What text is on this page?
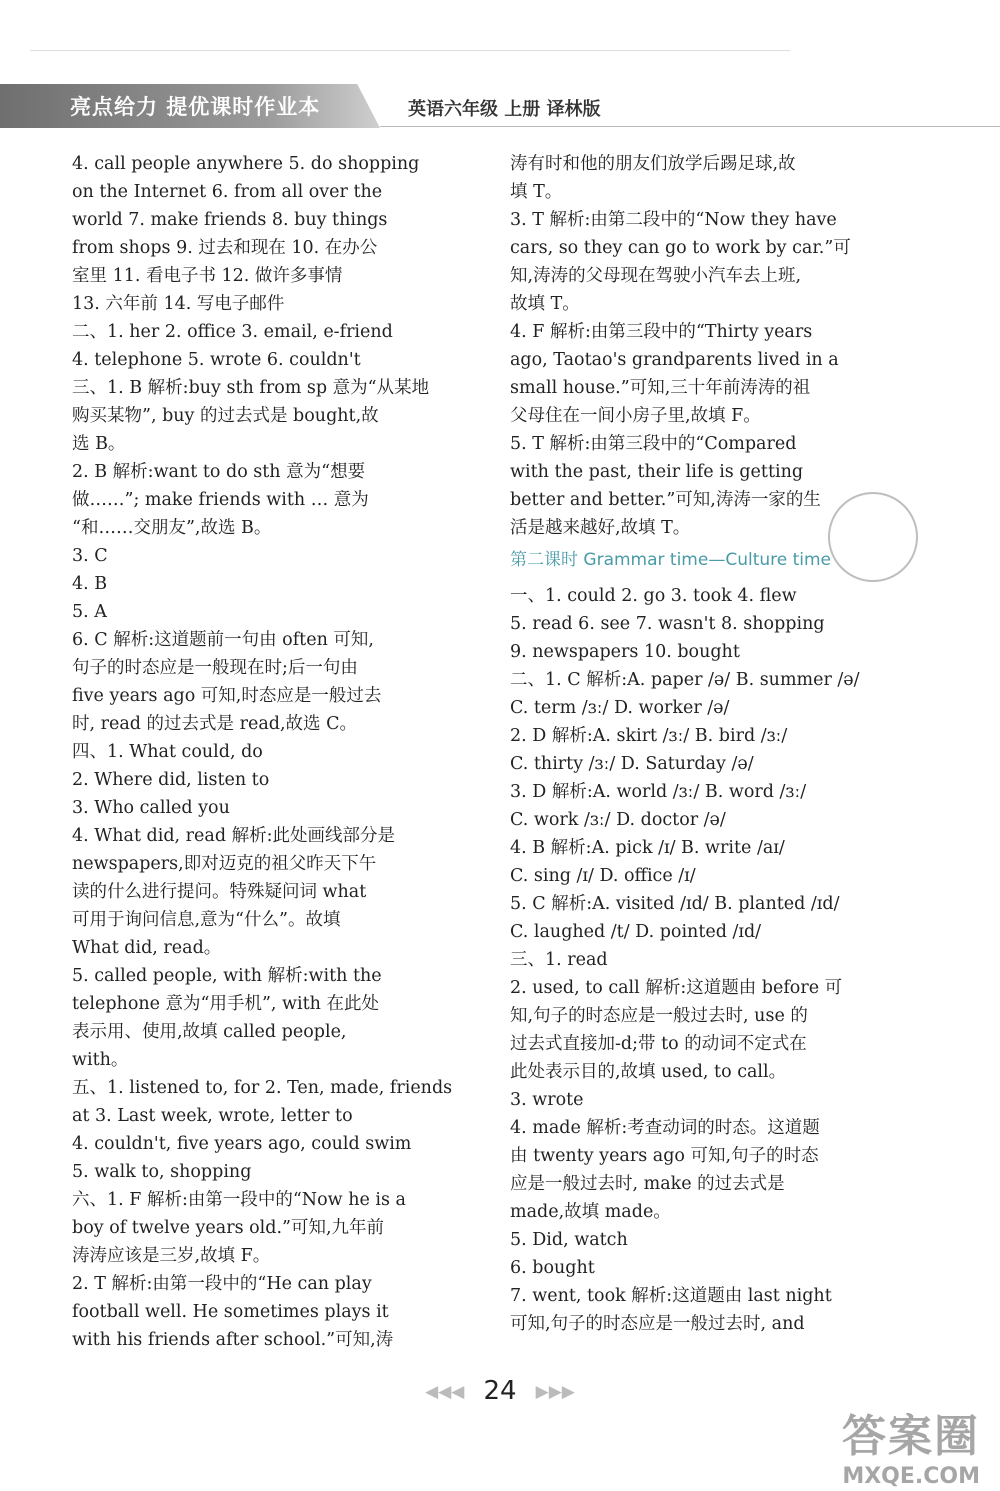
亮点给力 提优课时作业本	英语六年级 上册 译林版
4. call people anywhere 5. do shopping
on the Internet 6. from all over the
world 7. make friends 8. buy things
from shops 9. 过去和现在 10. 在办公
室里 11. 看电子书 12. 做许多事情
13. 六年前 14. 写电子邮件
二、1. her 2. office 3. email, e-friend
4. telephone 5. wrote 6. couldn't
三、1. B 解析:buy sth from sp 意为“从某地
购买某物”, buy 的过去式是 bought,故
选 B。
2. B 解析:want to do sth 意为“想要
做……”; make friends with … 意为
“和……交朋友”,故选 B。
3. C
4. B
5. A
6. C 解析:这道题前一句由 often 可知,
句子的时态应是一般现在时;后一句由
five years ago 可知,时态应是一般过去
时, read 的过去式是 read,故选 C。
四、1. What could, do
2. Where did, listen to
3. Who called you
4. What did, read 解析:此处画线部分是
newspapers,即对迈克的祖父昨天下午
读的什么进行提问。特殊疑问词 what
可用于询问信息,意为“什么”。故填
What did, read。
5. called people, with 解析:with the
telephone 意为“用手机”, with 在此处
表示用、使用,故填 called people,
with。
五、1. listened to, for 2. Ten, made, friends
at 3. Last week, wrote, letter to
4. couldn't, five years ago, could swim
5. walk to, shopping
六、1. F 解析:由第一段中的“Now he is a
boy of twelve years old.”可知,九年前
涛涛应该是三岁,故填 F。
2. T 解析:由第一段中的“He can play
football well. He sometimes plays it
with his friends after school.”可知,涛
涛有时和他的朋友们放学后踢足球,故
填 T。
3. T 解析:由第二段中的“Now they have
cars, so they can go to work by car.”可
知,涛涛的父母现在驾驶小汽车去上班,
故填 T。
4. F 解析:由第三段中的“Thirty years
ago, Taotao's grandparents lived in a
small house.”可知,三十年前涛涛的祖
父母住在一间小房子里,故填 F。
5. T 解析:由第三段中的“Compared
with the past, their life is getting
better and better.”可知,涛涛一家的生
活是越来越好,故填 T。
第二课时 Grammar time—Culture time
一、1. could 2. go 3. took 4. flew
5. read 6. see 7. wasn't 8. shopping
9. newspapers 10. bought
二、1. C 解析:A. paper /ə/ B. summer /ə/
C. term /ɜː/ D. worker /ə/
2. D 解析:A. skirt /ɜː/ B. bird /ɜː/
C. thirty /ɜː/ D. Saturday /ə/
3. D 解析:A. world /ɜː/ B. word /ɜː/
C. work /ɜː/ D. doctor /ə/
4. B 解析:A. pick /ɪ/ B. write /aɪ/
C. sing /ɪ/ D. office /ɪ/
5. C 解析:A. visited /ɪd/ B. planted /ɪd/
C. laughed /t/ D. pointed /ɪd/
三、1. read
2. used, to call 解析:这道题由 before 可
知,句子的时态应是一般过去时, use 的
过去式直接加-d;带 to 的动词不定式在
此处表示目的,故填 used, to call。
3. wrote
4. made 解析:考查动词的时态。这道题
由 twenty years ago 可知,句子的时态
应是一般过去时, make 的过去式是
made,故填 made。
5. Did, watch
6. bought
7. went, took 解析:这道题由 last night
可知,句子的时态应是一般过去时, and
◀◀◀ 24 ▶▶▶
答案圈
MXQE.COM
